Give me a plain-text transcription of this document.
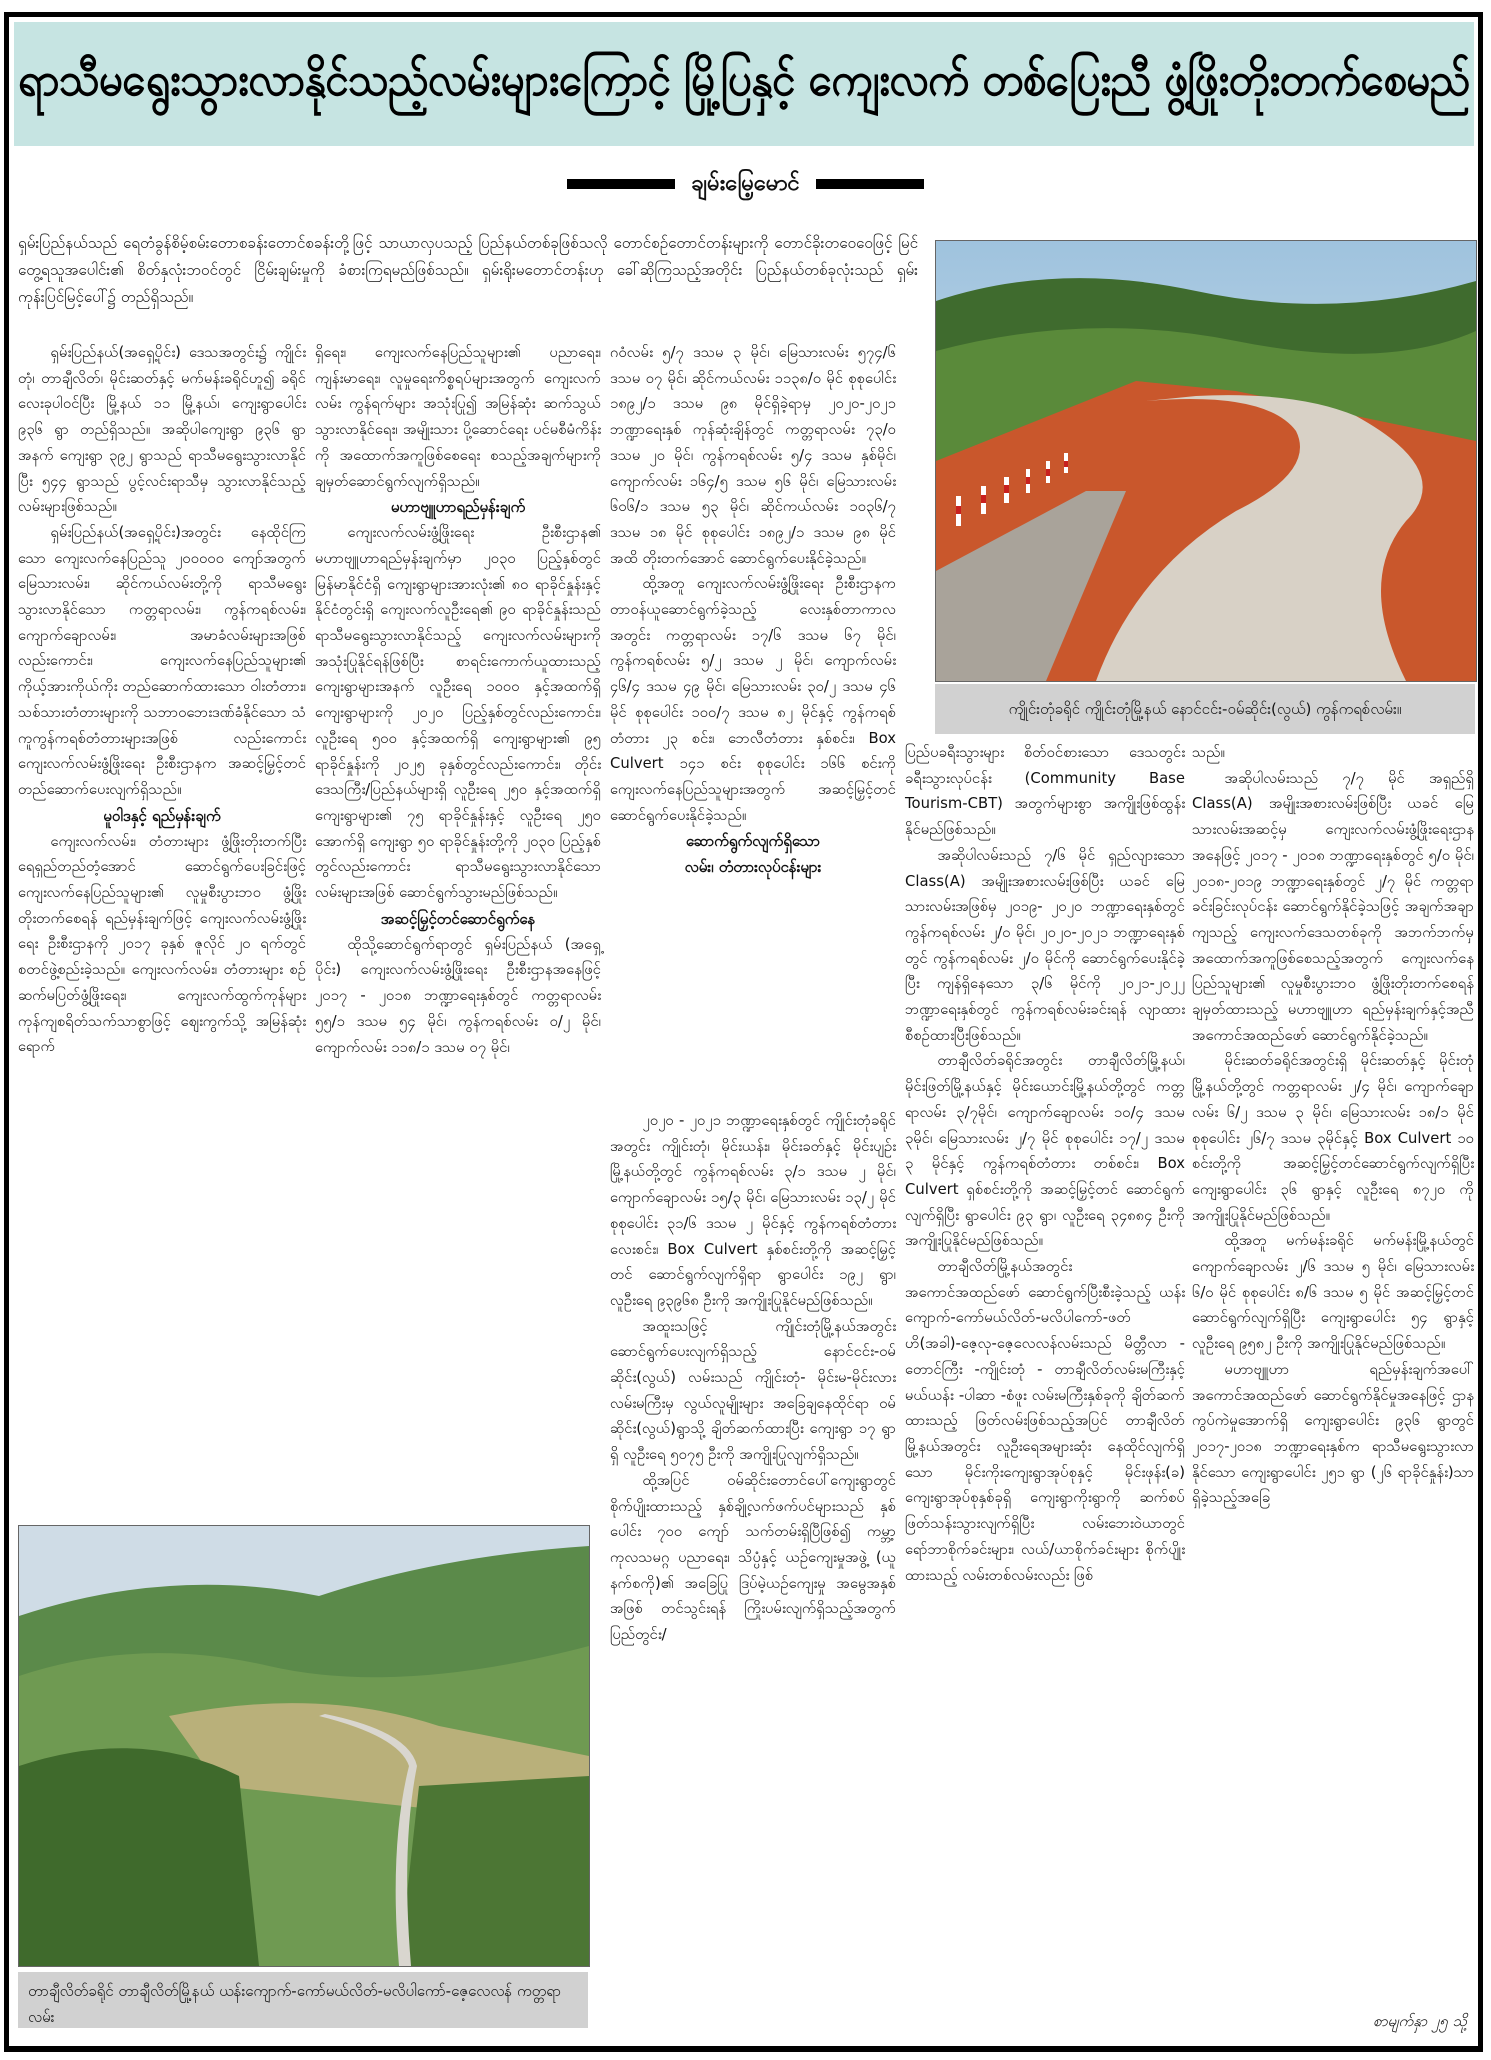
ရာသီမရွေးသွားလာနိုင်သည့်လမ်းများကြောင့် မြို့ပြနှင့် ကျေးလက် တစ်ပြေးညီ ဖွံ့ဖြိုးတိုးတက်စေမည်
ချမ်းမြေ့မောင်
ရှမ်းပြည်နယ်သည် ရေတံခွန်စိမ့်စမ်းတောစခန်းတောင်စခန်းတို့ဖြင့် သာယာလှပသည့် ပြည်နယ်တစ်ခုဖြစ်သလို တောင်စဉ်တောင်တန်းများကို တောင်ခိုးတဝေဝေဖြင့် မြင်တွေ့ရသူအပေါင်း၏ စိတ်နှလုံးဘဝင်တွင် ငြိမ်းချမ်းမှုကို ခံစားကြရမည်ဖြစ်သည်။ ရှမ်းရိုးမတောင်တန်းဟု ခေါ်ဆိုကြသည့်အတိုင်း ပြည်နယ်တစ်ခုလုံးသည် ရှမ်းကုန်းပြင်မြင့်ပေါ်၌ တည်ရှိသည်။
ကျိုင်းတုံခရိုင် ကျိုင်းတုံမြို့နယ် နောင်ငင်း-ဝမ်ဆိုင်း(လွယ်) ကွန်ကရစ်လမ်း။
တာချီလိတ်ခရိုင် တာချီလိတ်မြို့နယ် ယန်းကျောက်-ကော်မယ်လိတ်-မလိပါကော်-ဇေ့လေလန် ကတ္တရာလမ်း

ရှမ်းပြည်နယ်(အရှေ့ပိုင်း) ဒေသအတွင်း၌ ကျိုင်းတုံ၊ တာချီလိတ်၊ မိုင်းဆတ်နှင့် မက်မန်းခရိုင်ဟူ၍ ခရိုင်လေးခုပါဝင်ပြီး မြို့နယ် ၁၁ မြို့နယ်၊ ကျေးရွာပေါင်း ၉၃၆ ရွာ တည်ရှိသည်။ အဆိုပါကျေးရွာ ၉၃၆ ရွာအနက် ကျေးရွာ ၃၉၂ ရွာသည် ရာသီမရွေးသွားလာနိုင်ပြီး ၅၄၄ ရွာသည် ပွင့်လင်းရာသီမှ သွားလာနိုင်သည့် လမ်းများဖြစ်သည်။

ရှမ်းပြည်နယ်(အရှေ့ပိုင်း)အတွင်း နေထိုင်ကြသော ကျေးလက်နေပြည်သူ ၂၀၀၀၀၀ ကျော်အတွက် မြေသားလမ်း၊ ဆိုင်ကယ်လမ်းတို့ကို ရာသီမရွေးသွားလာနိုင်သော ကတ္တရာလမ်း၊ ကွန်ကရစ်လမ်း၊ ကျောက်ချောလမ်း၊ အမာခံလမ်းများအဖြစ်လည်းကောင်း၊ ကျေးလက်နေပြည်သူများ၏ ကိုယ့်အားကိုယ်ကိုး တည်ဆောက်ထားသော ဝါးတံတား၊ သစ်သားတံတားများကို သဘာဝဘေးဒဏ်ခံနိုင်သော သံကူကွန်ကရစ်တံတားများအဖြစ် လည်းကောင်း ကျေးလက်လမ်းဖွံ့ဖြိုးရေး ဦးစီးဌာနက အဆင့်မြှင့်တင် တည်ဆောက်ပေးလျက်ရှိသည်။

မူဝါဒနှင့် ရည်မှန်းချက်

ကျေးလက်လမ်း၊ တံတားများ ဖွံ့ဖြိုးတိုးတက်ပြီး ရေရှည်တည်တံ့အောင် ဆောင်ရွက်ပေးခြင်းဖြင့် ကျေးလက်နေပြည်သူများ၏ လူမှုစီးပွားဘဝ ဖွံ့ဖြိုးတိုးတက်စေရန် ရည်မှန်းချက်ဖြင့် ကျေးလက်လမ်းဖွံ့ဖြိုးရေး ဦးစီးဌာနကို ၂၀၁၇ ခုနှစ် ဇူလိုင် ၂၀ ရက်တွင် စတင်ဖွဲ့စည်းခဲ့သည်။ ကျေးလက်လမ်း၊ တံတားများ စဉ်ဆက်မပြတ်ဖွံ့ဖြိုးရေး၊ ကျေးလက်ထွက်ကုန်များ ကုန်ကျစရိတ်သက်သာစွာဖြင့် ဈေးကွက်သို့ အမြန်ဆုံးရောက်

ရှိရေး၊ ကျေးလက်နေပြည်သူများ၏ ပညာရေး၊ ကျန်းမာရေး၊ လူမှုရေးကိစ္စရပ်များအတွက် ကျေးလက်လမ်း ကွန်ရက်များ အသုံးပြု၍ အမြန်ဆုံး ဆက်သွယ်သွားလာနိုင်ရေး၊ အမျိုးသား ပို့ဆောင်ရေး ပင်မစီမံကိန်းကို အထောက်အကူဖြစ်စေရေး စသည့်အချက်များကို ချမှတ်ဆောင်ရွက်လျက်ရှိသည်။

မဟာဗျူဟာရည်မှန်းချက်

ကျေးလက်လမ်းဖွံ့ဖြိုးရေး ဦးစီးဌာန၏ မဟာဗျူဟာရည်မှန်းချက်မှာ ၂၀၃၀ ပြည့်နှစ်တွင် မြန်မာနိုင်ငံရှိ ကျေးရွာများအားလုံး၏ ၈၀ ရာခိုင်နှုန်းနှင့် နိုင်ငံတွင်းရှိ ကျေးလက်လူဦးရေ၏ ၉၀ ရာခိုင်နှုန်းသည် ရာသီမရွေးသွားလာနိုင်သည့် ကျေးလက်လမ်းများကို အသုံးပြုနိုင်ရန်ဖြစ်ပြီး စာရင်းကောက်ယူထားသည့် ကျေးရွာများအနက် လူဦးရေ ၁၀၀၀ နှင့်အထက်ရှိ ကျေးရွာများကို ၂၀၂၀ ပြည့်နှစ်တွင်လည်းကောင်း၊ လူဦးရေ ၅၀၀ နှင့်အထက်ရှိ ကျေးရွာများ၏ ၉၅ ရာခိုင်နှုန်းကို ၂၀၂၅ ခုနှစ်တွင်လည်းကောင်း၊ တိုင်းဒေသကြီး/ပြည်နယ်များရှိ လူဦးရေ ၂၅၀ နှင့်အထက်ရှိ ကျေးရွာများ၏ ၇၅ ရာခိုင်နှုန်းနှင့် လူဦးရေ ၂၅၀ အောက်ရှိ ကျေးရွာ ၅၀ ရာခိုင်နှုန်းတို့ကို ၂၀၃၀ ပြည့်နှစ်တွင်လည်းကောင်း ရာသီမရွေးသွားလာနိုင်သော လမ်းများအဖြစ် ဆောင်ရွက်သွားမည်ဖြစ်သည်။

အဆင့်မြှင့်တင်ဆောင်ရွက်နေ

ထိုသို့ဆောင်ရွက်ရာတွင် ရှမ်းပြည်နယ် (အရှေ့ပိုင်း) ကျေးလက်လမ်းဖွံ့ဖြိုးရေး ဦးစီးဌာနအနေဖြင့် ၂၀၁၇ - ၂၀၁၈ ဘဏ္ဍာရေးနှစ်တွင် ကတ္တရာလမ်း ၅၅/၁ ဒသမ ၅၄ မိုင်၊ ကွန်ကရစ်လမ်း ၀/၂ မိုင်၊ ကျောက်လမ်း ၁၁၈/၁ ဒသမ ၀၇ မိုင်၊

ဂဝံလမ်း ၅/၇ ဒသမ ၃ မိုင်၊ မြေသားလမ်း ၅၇၄/၆ ဒသမ ၀၇ မိုင်၊ ဆိုင်ကယ်လမ်း ၁၁၃၈/၀ မိုင် စုစုပေါင်း ၁၈၉၂/၁ ဒသမ ၉၈ မိုင်ရှိခဲ့ရာမှ ၂၀၂၀-၂၀၂၁ ဘဏ္ဍာရေးနှစ် ကုန်ဆုံးချိန်တွင် ကတ္တရာလမ်း ၇၃/၀ ဒသမ ၂၀ မိုင်၊ ကွန်ကရစ်လမ်း ၅/၄ ဒသမ နှစ်မိုင်၊ ကျောက်လမ်း ၁၆၄/၅ ဒသမ ၅၆ မိုင်၊ မြေသားလမ်း ၆၀၆/၁ ဒသမ ၅၃ မိုင်၊ ဆိုင်ကယ်လမ်း ၁၀၃၆/၇ ဒသမ ၁၈ မိုင် စုစုပေါင်း ၁၈၉၂/၁ ဒသမ ၉၈ မိုင် အထိ တိုးတက်အောင် ဆောင်ရွက်ပေးနိုင်ခဲ့သည်။

ထို့အတူ ကျေးလက်လမ်းဖွံ့ဖြိုးရေး ဦးစီးဌာနက တာဝန်ယူဆောင်ရွက်ခဲ့သည့် လေးနှစ်တာကာလအတွင်း ကတ္တရာလမ်း ၁၇/၆ ဒသမ ၆၇ မိုင်၊ ကွန်ကရစ်လမ်း ၅/၂ ဒသမ ၂ မိုင်၊ ကျောက်လမ်း ၄၆/၄ ဒသမ ၄၉ မိုင်၊ မြေသားလမ်း ၃၀/၂ ဒသမ ၄၆ မိုင် စုစုပေါင်း ၁၀၀/၇ ဒသမ ၈၂ မိုင်နှင့် ကွန်ကရစ်တံတား ၂၃ စင်း၊ ဘေလီတံတား နှစ်စင်း၊ Box Culvert ၁၄၁ စင်း စုစုပေါင်း ၁၆၆ စင်းကို ကျေးလက်နေပြည်သူများအတွက် အဆင့်မြှင့်တင် ဆောင်ရွက်ပေးနိုင်ခဲ့သည်။

ဆောက်ရွက်လျက်ရှိသော
လမ်း၊ တံတားလုပ်ငန်းများ

၂၀၂၀ - ၂၀၂၁ ဘဏ္ဍာရေးနှစ်တွင် ကျိုင်းတုံခရိုင်အတွင်း ကျိုင်းတုံ၊ မိုင်းယန်း၊ မိုင်းခတ်နှင့် မိုင်းပျဉ်းမြို့နယ်တို့တွင် ကွန်ကရစ်လမ်း ၃/၁ ဒသမ ၂ မိုင်၊ ကျောက်ချောလမ်း ၁၅/၃ မိုင်၊ မြေသားလမ်း ၁၃/၂ မိုင် စုစုပေါင်း ၃၁/၆ ဒသမ ၂ မိုင်နှင့် ကွန်ကရစ်တံတား လေးစင်း၊ Box Culvert နှစ်စင်းတို့ကို အဆင့်မြှင့်တင် ဆောင်ရွက်လျက်ရှိရာ ရွာပေါင်း ၁၉၂ ရွာ၊ လူဦးရေ ၉၃၉၆၈ ဦးကို အကျိုးပြုနိုင်မည်ဖြစ်သည်။

အထူးသဖြင့် ကျိုင်းတုံမြို့နယ်အတွင်း ဆောင်ရွက်ပေးလျက်ရှိသည့် နောင်ငင်း-ဝမ်ဆိုင်း(လွယ်) လမ်းသည် ကျိုင်းတုံ- မိုင်းမ-မိုင်းလား လမ်းမကြီးမှ လွယ်လူမျိုးများ အခြေချနေထိုင်ရာ ဝမ်ဆိုင်း(လွယ်)ရွာသို့ ချိတ်ဆက်ထားပြီး ကျေးရွာ ၁၇ ရွာရှိ လူဦးရေ ၅၀၇၅ ဦးကို အကျိုးပြုလျက်ရှိသည်။

ထို့အပြင် ဝမ်ဆိုင်းတောင်ပေါ်ကျေးရွာတွင် စိုက်ပျိုးထားသည့် နှစ်ချို့လက်ဖက်ပင်များသည် နှစ်ပေါင်း ၇၀၀ ကျော် သက်တမ်းရှိပြီဖြစ်၍ ကမ္ဘာ့ကုလသမဂ္ဂ ပညာရေး၊ သိပ္ပံနှင့် ယဉ်ကျေးမှုအဖွဲ့ (ယူနက်စကို)၏ အခြေပြု ဒြပ်မဲ့ယဉ်ကျေးမှု အမွေအနှစ်အဖြစ် တင်သွင်းရန် ကြိုးပမ်းလျက်ရှိသည့်အတွက် ပြည်တွင်း/

ပြည်ပခရီးသွားများ စိတ်ဝင်စားသော ဒေသတွင်းခရီးသွားလုပ်ငန်း (Community Base Tourism-CBT) အတွက်များစွာ အကျိုးဖြစ်ထွန်းနိုင်မည်ဖြစ်သည်။

အဆိုပါလမ်းသည် ၇/၆ မိုင် ရှည်လျားသော Class(A) အမျိုးအစားလမ်းဖြစ်ပြီး ယခင် မြေသားလမ်းအဖြစ်မှ ၂၀၁၉- ၂၀၂၀ ဘဏ္ဍာရေးနှစ်တွင် ကွန်ကရစ်လမ်း ၂/၀ မိုင်၊ ၂၀၂၀-၂၀၂၁ ဘဏ္ဍာရေးနှစ်တွင် ကွန်ကရစ်လမ်း ၂/၀ မိုင်ကို ဆောင်ရွက်ပေးနိုင်ခဲ့ပြီး ကျန်ရှိနေသော ၃/၆ မိုင်ကို ၂၀၂၁-၂၀၂၂ ဘဏ္ဍာရေးနှစ်တွင် ကွန်ကရစ်လမ်းခင်းရန် လျာထားစီစဉ်ထားပြီးဖြစ်သည်။

တာချီလိတ်ခရိုင်အတွင်း တာချီလိတ်မြို့နယ်၊ မိုင်းဖြတ်မြို့နယ်နှင့် မိုင်းယောင်းမြို့နယ်တို့တွင် ကတ္တရာလမ်း ၃/၇မိုင်၊ ကျောက်ချောလမ်း ၁၀/၄ ဒသမ ၃မိုင်၊ မြေသားလမ်း ၂/၇ မိုင် စုစုပေါင်း ၁၇/၂ ဒသမ ၃ မိုင်နှင့် ကွန်ကရစ်တံတား တစ်စင်း၊ Box Culvert ရှစ်စင်းတို့ကို အဆင့်မြှင့်တင် ဆောင်ရွက်လျက်ရှိပြီး ရွာပေါင်း ၉၃ ရွာ၊ လူဦးရေ ၃၄၈၈၄ ဦးကို အကျိုးပြုနိုင်မည်ဖြစ်သည်။

တာချီလိတ်မြို့နယ်အတွင်း အကောင်အထည်ဖော် ဆောင်ရွက်ပြီးစီးခဲ့သည့် ယန်းကျောက်-ကော်မယ်လိတ်-မလိပါကော်-ဖတ်ဟိ(အခါ)-ဇေ့လု-ဇေ့လေလန်လမ်းသည် မိတ္တီလာ - တောင်ကြီး -ကျိုင်းတုံ - တာချီလိတ်လမ်းမကြီးနှင့် မယ်ယန်း -ပါဆာ -စံဖူး လမ်းမကြီးနှစ်ခုကို ချိတ်ဆက်ထားသည့် ဖြတ်လမ်းဖြစ်သည့်အပြင် တာချီလိတ်မြို့နယ်အတွင်း လူဦးရေအများဆုံး နေထိုင်လျက်ရှိသော မိုင်းကိုးကျေးရွာအုပ်စုနှင့် မိုင်းဖုန်း(ခ) ကျေးရွာအုပ်စုနှစ်ခုရှိ ကျေးရွာကိုးရွာကို ဆက်စပ်ဖြတ်သန်းသွားလျက်ရှိပြီး လမ်းဘေးဝဲယာတွင် ရော်ဘာစိုက်ခင်းများ၊ လယ်/ယာစိုက်ခင်းများ စိုက်ပျိုးထားသည့် လမ်းတစ်လမ်းလည်း ဖြစ်

သည်။

အဆိုပါလမ်းသည် ၇/၇ မိုင် အရှည်ရှိ Class(A) အမျိုးအစားလမ်းဖြစ်ပြီး ယခင် မြေသားလမ်းအဆင့်မှ ကျေးလက်လမ်းဖွံ့ဖြိုးရေးဌာနအနေဖြင့် ၂၀၁၇ - ၂၀၁၈ ဘဏ္ဍာရေးနှစ်တွင် ၅/၀ မိုင်၊ ၂၀၁၈-၂၀၁၉ ဘဏ္ဍာရေးနှစ်တွင် ၂/၇ မိုင် ကတ္တရာခင်းခြင်းလုပ်ငန်း ဆောင်ရွက်နိုင်ခဲ့သဖြင့် အချက်အချာကျသည့် ကျေးလက်ဒေသတစ်ခုကို အဘက်ဘက်မှ အထောက်အကူဖြစ်စေသည့်အတွက် ကျေးလက်နေပြည်သူများ၏ လူမှုစီးပွားဘဝ ဖွံ့ဖြိုးတိုးတက်စေရန် ချမှတ်ထားသည့် မဟာဗျူဟာ ရည်မှန်းချက်နှင့်အညီ အကောင်အထည်ဖော် ဆောင်ရွက်နိုင်ခဲ့သည်။

မိုင်းဆတ်ခရိုင်အတွင်းရှိ မိုင်းဆတ်နှင့် မိုင်းတုံမြို့နယ်တို့တွင် ကတ္တရာလမ်း ၂/၄ မိုင်၊ ကျောက်ချောလမ်း ၆/၂ ဒသမ ၃ မိုင်၊ မြေသားလမ်း ၁၈/၁ မိုင် စုစုပေါင်း ၂၆/၇ ဒသမ ၃မိုင်နှင့် Box Culvert ၁၀ စင်းတို့ကို အဆင့်မြှင့်တင်ဆောင်ရွက်လျက်ရှိပြီး ကျေးရွာပေါင်း ၃၆ ရွာနှင့် လူဦးရေ ၈၇၂၀ ကို အကျိုးပြုနိုင်မည်ဖြစ်သည်။

ထို့အတူ မက်မန်းခရိုင် မက်မန်းမြို့နယ်တွင် ကျောက်ချောလမ်း ၂/၆ ဒသမ ၅ မိုင်၊ မြေသားလမ်း ၆/၀ မိုင် စုစုပေါင်း ၈/၆ ဒသမ ၅ မိုင် အဆင့်မြှင့်တင် ဆောင်ရွက်လျက်ရှိပြီး ကျေးရွာပေါင်း ၅၄ ရွာနှင့် လူဦးရေ ၉၅၈၂ ဦးကို အကျိုးပြုနိုင်မည်ဖြစ်သည်။

မဟာဗျူဟာ ရည်မှန်းချက်အပေါ် အကောင်အထည်ဖော် ဆောင်ရွက်နိုင်မှုအနေဖြင့် ဌာနကွပ်ကဲမှုအောက်ရှိ ကျေးရွာပေါင်း ၉၃၆ ရွာတွင် ၂၀၁၇-၂၀၁၈ ဘဏ္ဍာရေးနှစ်က ရာသီမရွေးသွားလာနိုင်သော ကျေးရွာပေါင်း ၂၅၁ ရွာ (၂၆ ရာခိုင်နှုန်း)သာ ရှိခဲ့သည့်အခြေ

စာမျက်နှာ ၂၅ သို့
